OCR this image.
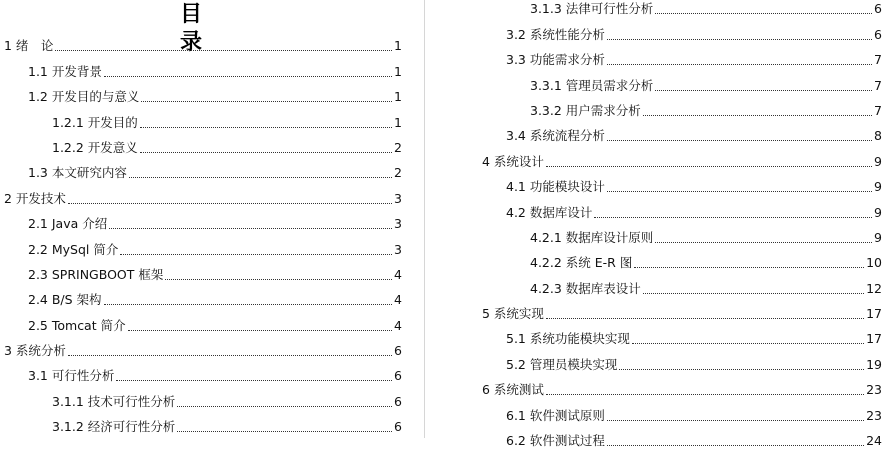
目　　录
1 绪　论	1
1.1 开发背景	1
1.2 开发目的与意义	1
1.2.1 开发目的	1
1.2.2 开发意义	2
1.3 本文研究内容	2
2 开发技术	3
2.1 Java 介绍	3
2.2 MySql 简介	3
2.3 SPRINGBOOT 框架	4
2.4 B/S 架构	4
2.5 Tomcat 简介	4
3 系统分析	6
3.1 可行性分析	6
3.1.1 技术可行性分析	6
3.1.2 经济可行性分析	6
3.1.3 法律可行性分析	6
3.2 系统性能分析	6
3.3 功能需求分析	7
3.3.1 管理员需求分析	7
3.3.2 用户需求分析	7
3.4 系统流程分析	8
4 系统设计	9
4.1 功能模块设计	9
4.2 数据库设计	9
4.2.1 数据库设计原则	9
4.2.2 系统 E-R 图	10
4.2.3 数据库表设计	12
5 系统实现	17
5.1 系统功能模块实现	17
5.2 管理员模块实现	19
6 系统测试	23
6.1 软件测试原则	23
6.2 软件测试过程	24
